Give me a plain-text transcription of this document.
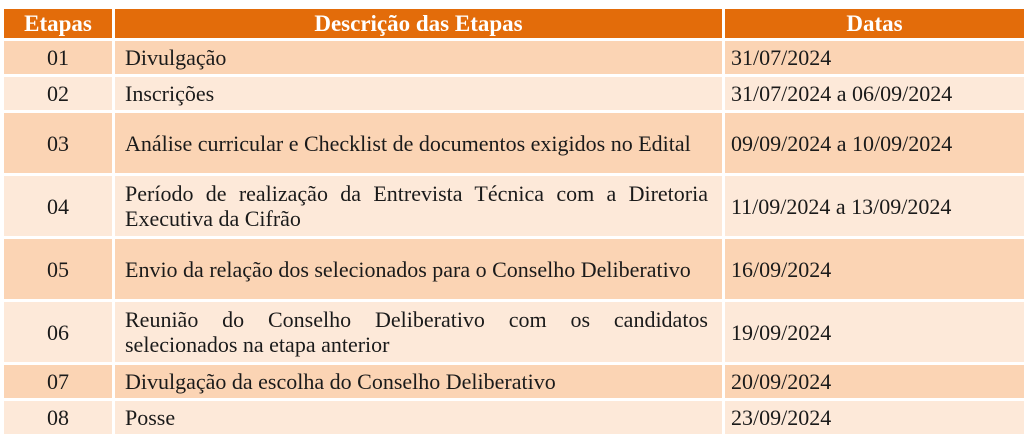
Etapas	Descrição das Etapas	Datas
01	Divulgação	31/07/2024
02	Inscrições	31/07/2024 a 06/09/2024
03	Análise curricular e Checklist de documentos exigidos no Edital	09/09/2024 a 10/09/2024
04	Período de realização da Entrevista Técnica com a Diretoria Executiva da Cifrão	11/09/2024 a 13/09/2024
05	Envio da relação dos selecionados para o Conselho Deliberativo	16/09/2024
06	Reunião do Conselho Deliberativo com os candidatos selecionados na etapa anterior	19/09/2024
07	Divulgação da escolha do Conselho Deliberativo	20/09/2024
08	Posse	23/09/2024
